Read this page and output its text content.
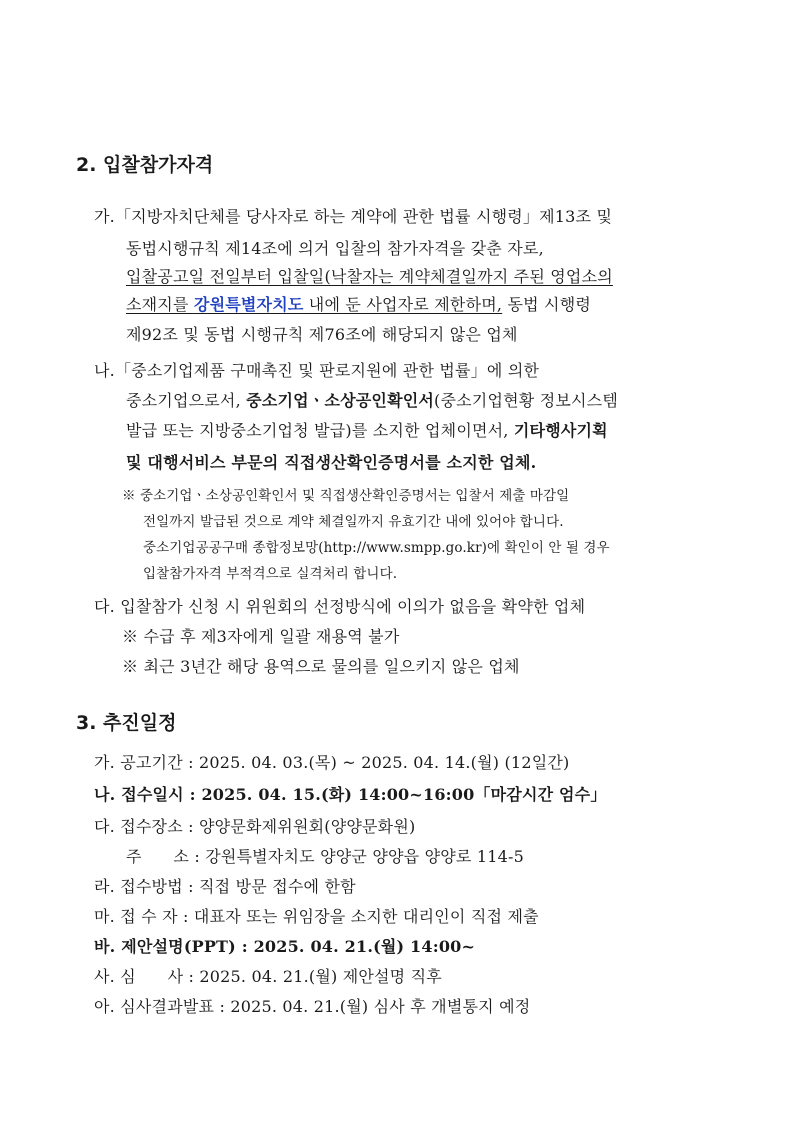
2. 입찰참가자격
가.「지방자치단체를 당사자로 하는 계약에 관한 법률 시행령」제13조 및
동법시행규칙 제14조에 의거 입찰의 참가자격을 갖춘 자로,
입찰공고일 전일부터 입찰일(낙찰자는 계약체결일까지 주된 영업소의
소재지를 강원특별자치도 내에 둔 사업자로 제한하며, 동법 시행령
제92조 및 동법 시행규칙 제76조에 해당되지 않은 업체
나.「중소기업제품 구매촉진 및 판로지원에 관한 법률」에 의한
중소기업으로서, 중소기업ㆍ소상공인확인서(중소기업현황 정보시스템
발급 또는 지방중소기업청 발급)를 소지한 업체이면서, 기타행사기획
및 대행서비스 부문의 직접생산확인증명서를 소지한 업체.
※ 중소기업ㆍ소상공인확인서 및 직접생산확인증명서는 입찰서 제출 마감일
전일까지 발급된 것으로 계약 체결일까지 유효기간 내에 있어야 합니다.
중소기업공공구매 종합정보망(http://www.smpp.go.kr)에 확인이 안 될 경우
입찰참가자격 부적격으로 실격처리 합니다.
다. 입찰참가 신청 시 위원회의 선정방식에 이의가 없음을 확약한 업체
※ 수급 후 제3자에게 일괄 재용역 불가
※ 최근 3년간 해당 용역으로 물의를 일으키지 않은 업체
3. 추진일정
가. 공고기간 : 2025. 04. 03.(목) ~ 2025. 04. 14.(월) (12일간)
나. 접수일시 : 2025. 04. 15.(화) 14:00~16:00「마감시간 엄수」
다. 접수장소 : 양양문화제위원회(양양문화원)
주      소 : 강원특별자치도 양양군 양양읍 양양로 114-5
라. 접수방법 : 직접 방문 접수에 한함
마. 접 수 자 : 대표자 또는 위임장을 소지한 대리인이 직접 제출
바. 제안설명(PPT) : 2025. 04. 21.(월) 14:00~
사. 심      사 : 2025. 04. 21.(월) 제안설명 직후
아. 심사결과발표 : 2025. 04. 21.(월) 심사 후 개별통지 예정
